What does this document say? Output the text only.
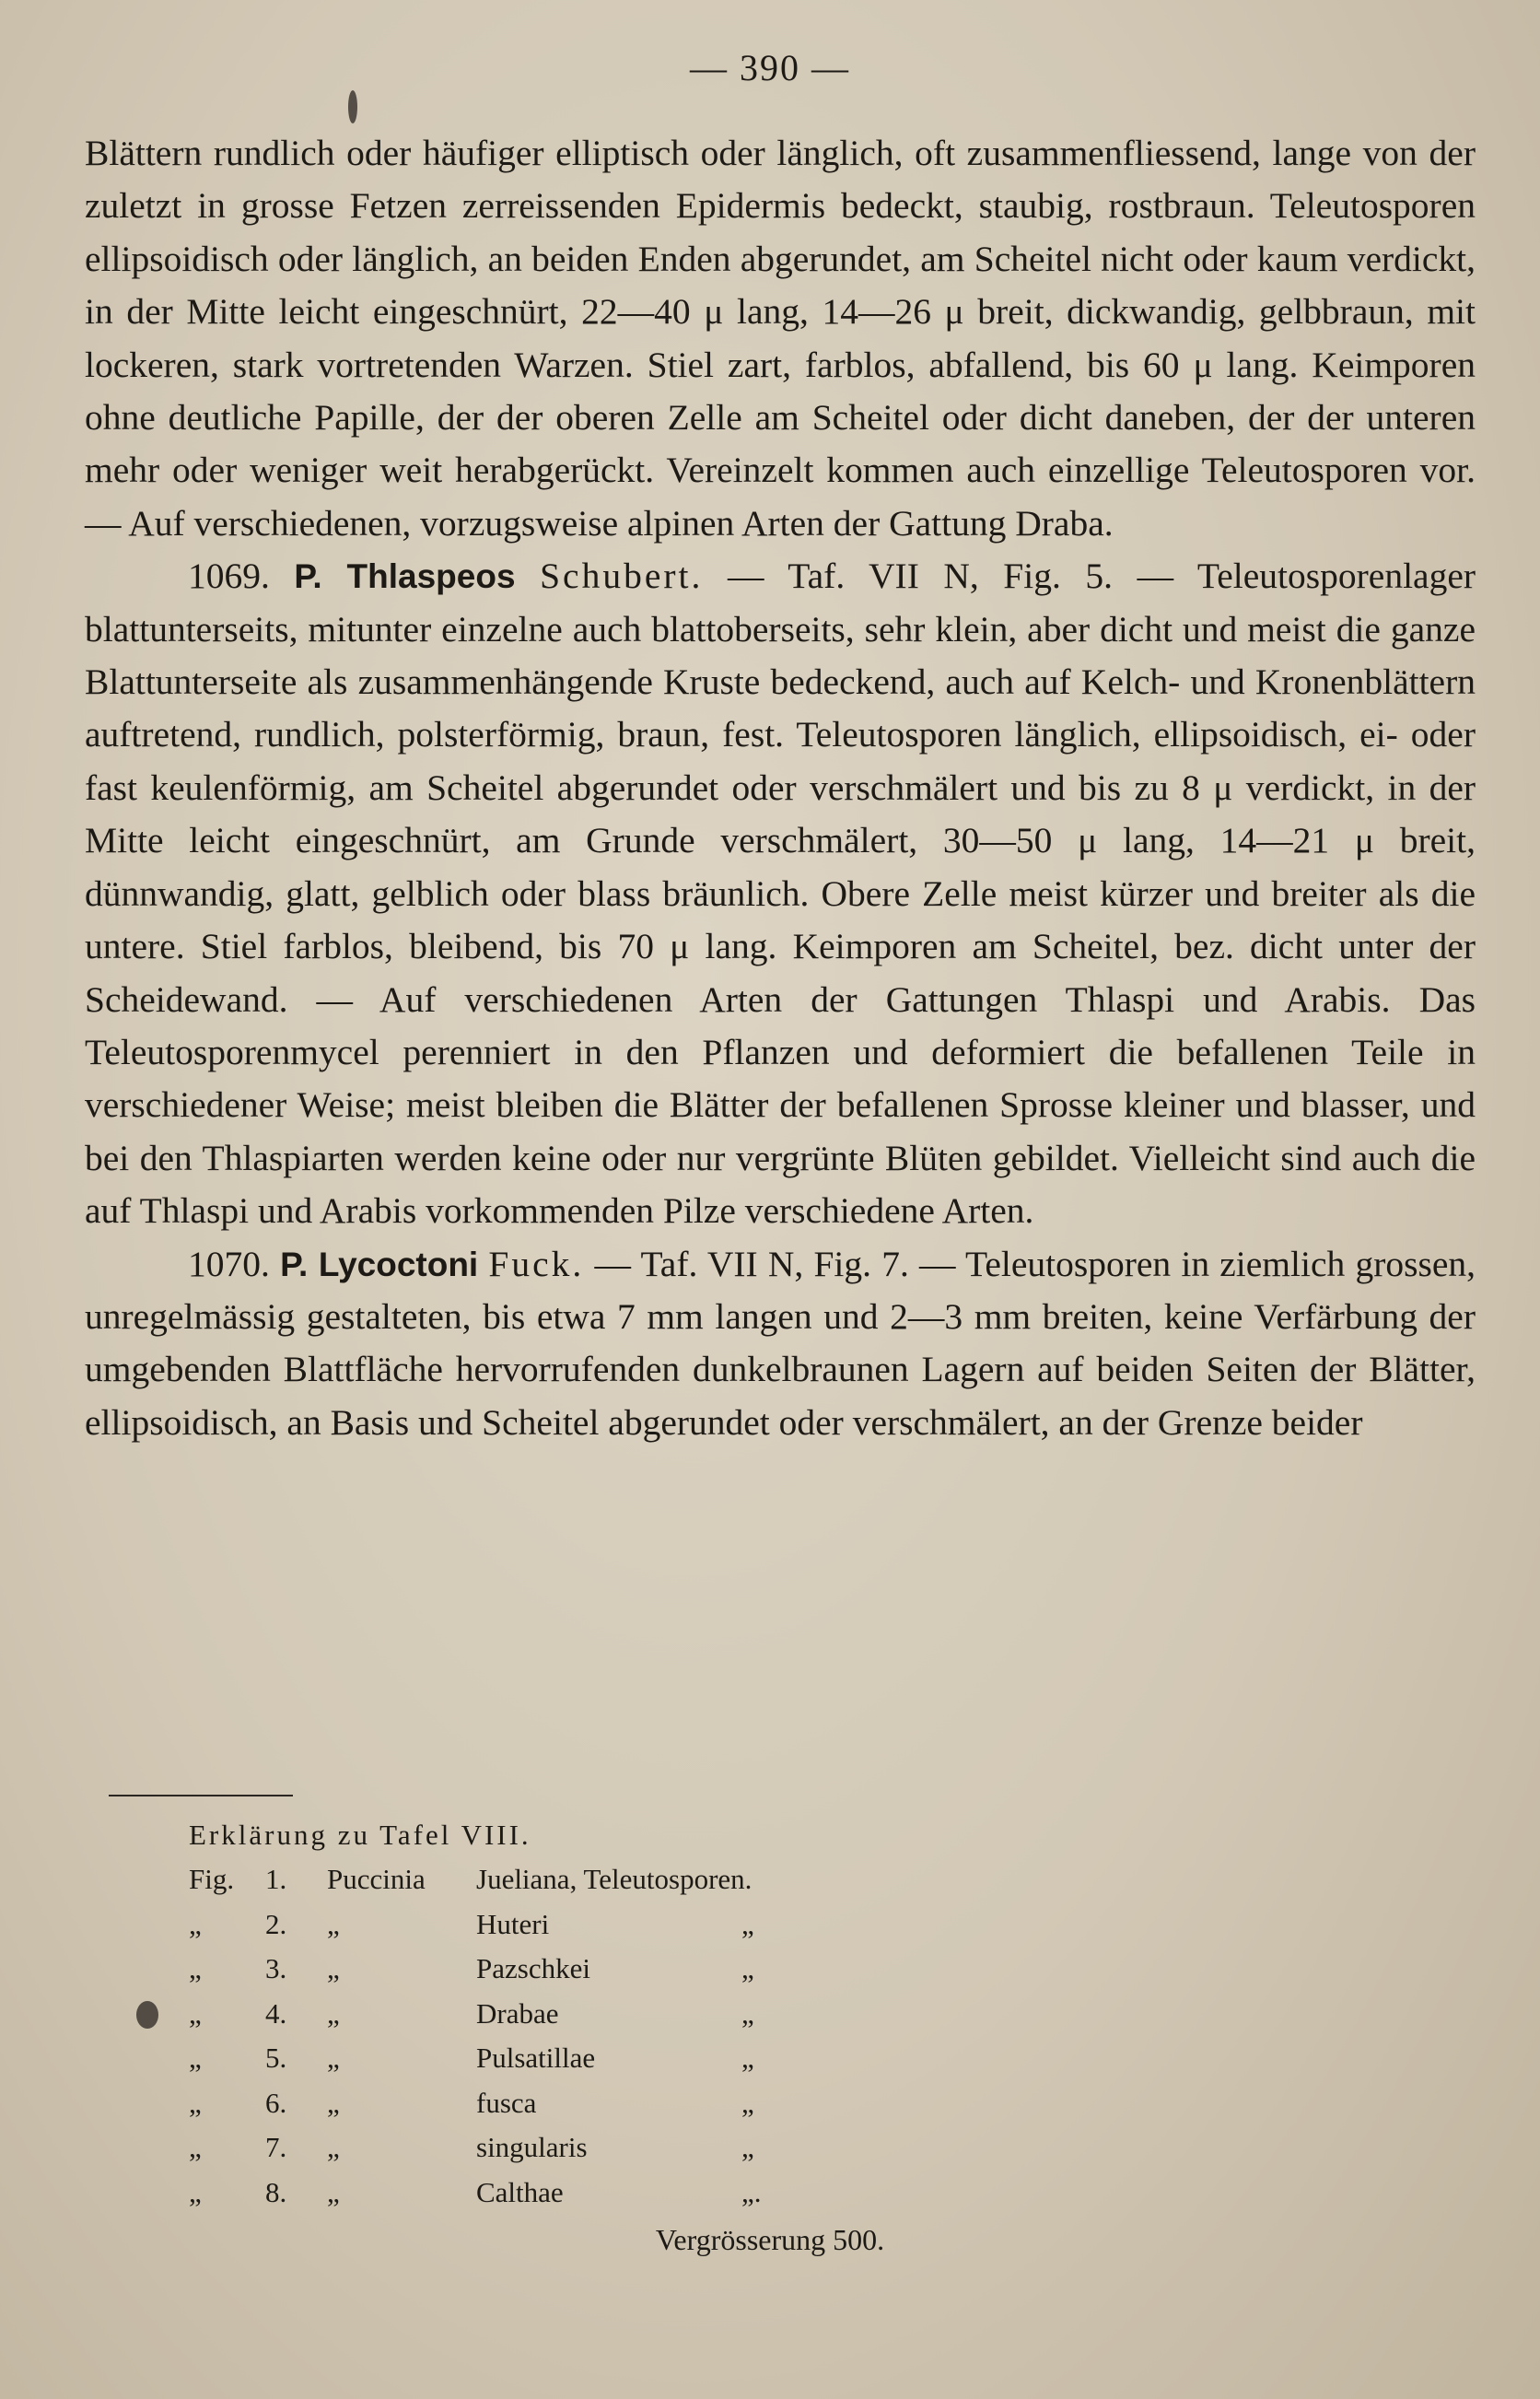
— 390 —

Blättern rundlich oder häufiger elliptisch oder länglich, oft zusammenfliessend, lange von der zuletzt in grosse Fetzen zerreissenden Epidermis bedeckt, staubig, rostbraun. Teleutosporen ellipsoidisch oder länglich, an beiden Enden abgerundet, am Scheitel nicht oder kaum verdickt, in der Mitte leicht eingeschnürt, 22—40 μ lang, 14—26 μ breit, dickwandig, gelbbraun, mit lockeren, stark vortretenden Warzen. Stiel zart, farblos, abfallend, bis 60 μ lang. Keimporen ohne deutliche Papille, der der oberen Zelle am Scheitel oder dicht daneben, der der unteren mehr oder weniger weit herabgerückt. Vereinzelt kommen auch einzellige Teleutosporen vor. — Auf verschiedenen, vorzugsweise alpinen Arten der Gattung Draba.

1069. P. Thlaspeos Schubert. — Taf. VII N, Fig. 5. — Teleutosporenlager blattunterseits, mitunter einzelne auch blattoberseits, sehr klein, aber dicht und meist die ganze Blattunterseite als zusammenhängende Kruste bedeckend, auch auf Kelch- und Kronenblättern auftretend, rundlich, polsterförmig, braun, fest. Teleutosporen länglich, ellipsoidisch, ei- oder fast keulenförmig, am Scheitel abgerundet oder verschmälert und bis zu 8 μ verdickt, in der Mitte leicht eingeschnürt, am Grunde verschmälert, 30—50 μ lang, 14—21 μ breit, dünnwandig, glatt, gelblich oder blass bräunlich. Obere Zelle meist kürzer und breiter als die untere. Stiel farblos, bleibend, bis 70 μ lang. Keimporen am Scheitel, bez. dicht unter der Scheidewand. — Auf verschiedenen Arten der Gattungen Thlaspi und Arabis. Das Teleutosporenmycel perenniert in den Pflanzen und deformiert die befallenen Teile in verschiedener Weise; meist bleiben die Blätter der befallenen Sprosse kleiner und blasser, und bei den Thlaspiarten werden keine oder nur vergrünte Blüten gebildet. Vielleicht sind auch die auf Thlaspi und Arabis vorkommenden Pilze verschiedene Arten.

1070. P. Lycoctoni Fuck. — Taf. VII N, Fig. 7. — Teleutosporen in ziemlich grossen, unregelmässig gestalteten, bis etwa 7 mm langen und 2—3 mm breiten, keine Verfärbung der umgebenden Blattfläche hervorrufenden dunkelbraunen Lagern auf beiden Seiten der Blätter, ellipsoidisch, an Basis und Scheitel abgerundet oder verschmälert, an der Grenze beider

Erklärung zu Tafel VIII.
Fig. 1. Puccinia Jueliana, Teleutosporen.
„ 2. „	Huteri	„
„ 3. „	Pazschkei	„
„ 4. „	Drabae	„
„ 5. „	Pulsatillae	„
„ 6. „	fusca	„
„ 7. „	singularis	„
„ 8. „	Calthae	„.
Vergrösserung 500.
